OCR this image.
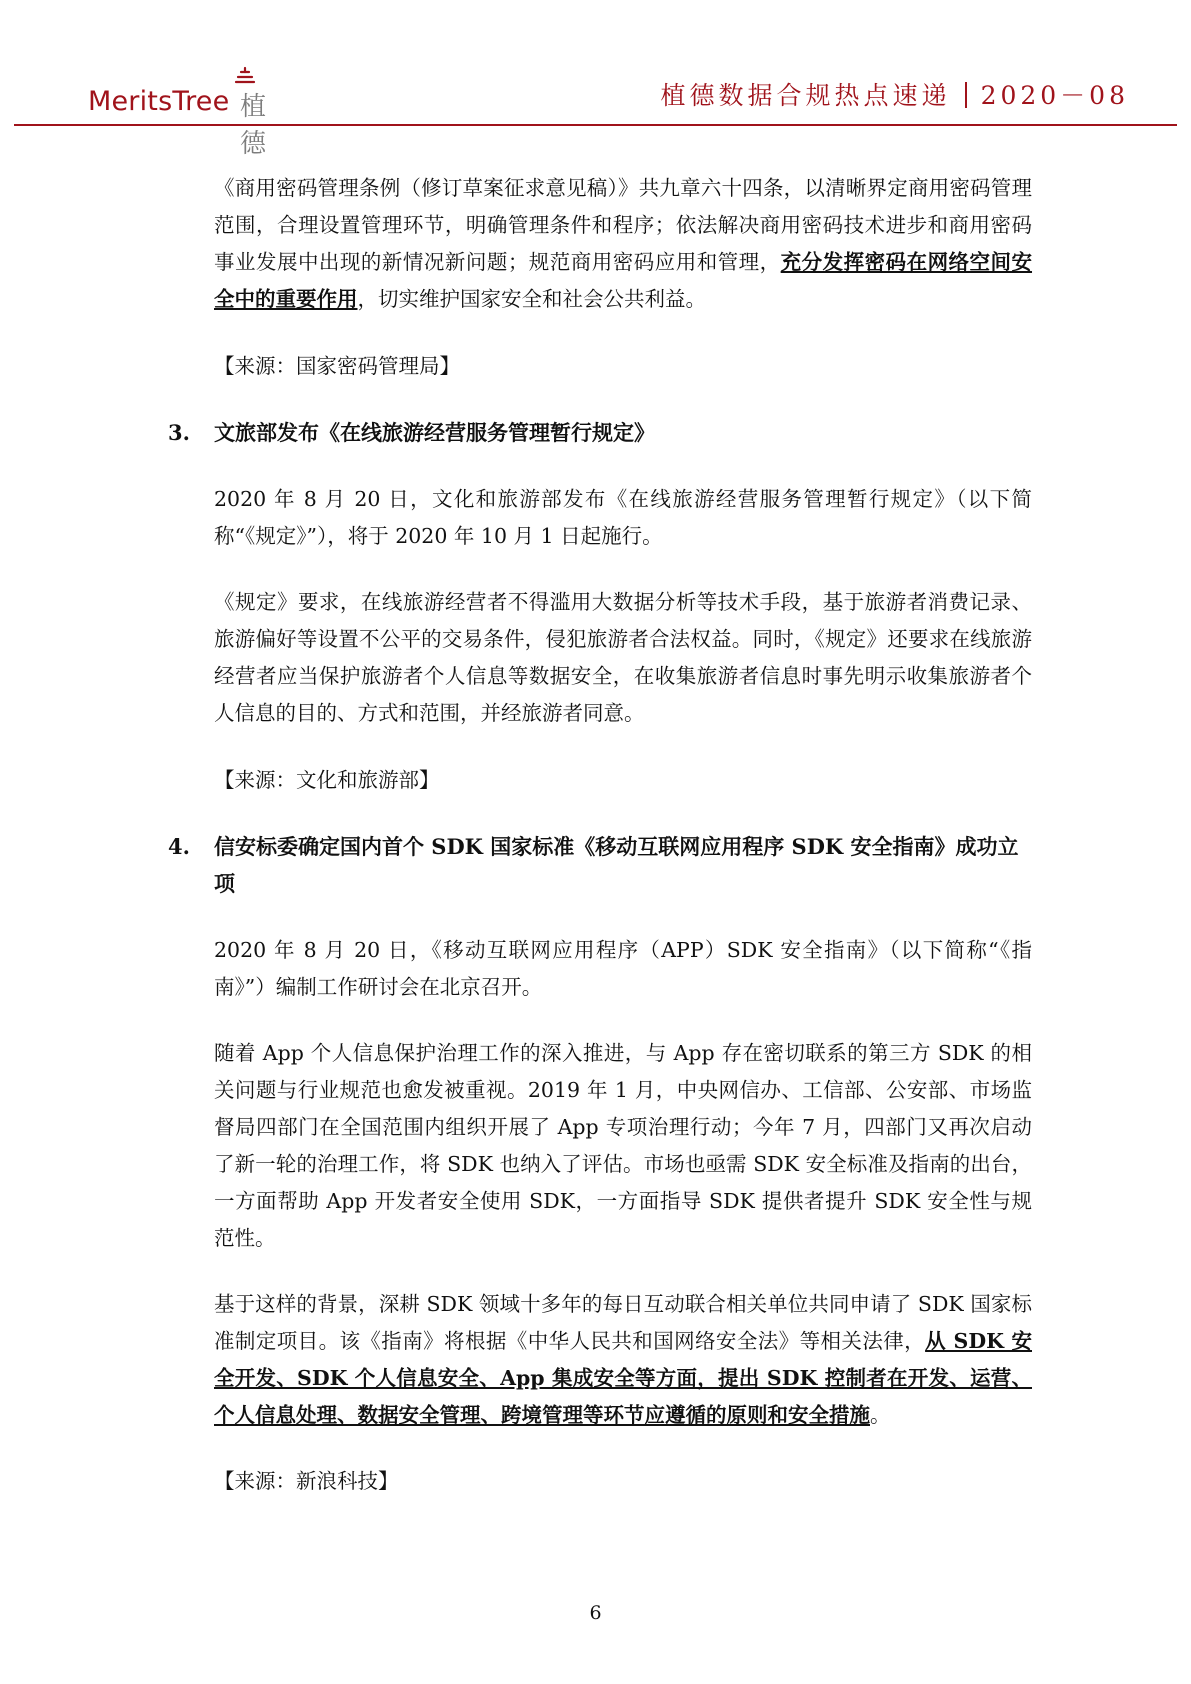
MeritsTree 植德
植德数据合规热点速递 2020－08

《商用密码管理条例（修订草案征求意见稿）》共九章六十四条，以清晰界定商用密码管理范围，合理设置管理环节，明确管理条件和程序；依法解决商用密码技术进步和商用密码事业发展中出现的新情况新问题；规范商用密码应用和管理，充分发挥密码在网络空间安全中的重要作用，切实维护国家安全和社会公共利益。

【来源：国家密码管理局】

3. 文旅部发布《在线旅游经营服务管理暂行规定》

2020 年 8 月 20 日，文化和旅游部发布《在线旅游经营服务管理暂行规定》（以下简称“《规定》”），将于 2020 年 10 月 1 日起施行。

《规定》要求，在线旅游经营者不得滥用大数据分析等技术手段，基于旅游者消费记录、旅游偏好等设置不公平的交易条件，侵犯旅游者合法权益。同时，《规定》还要求在线旅游经营者应当保护旅游者个人信息等数据安全，在收集旅游者信息时事先明示收集旅游者个人信息的目的、方式和范围，并经旅游者同意。

【来源：文化和旅游部】

4. 信安标委确定国内首个 SDK 国家标准《移动互联网应用程序 SDK 安全指南》成功立项

2020 年 8 月 20 日，《移动互联网应用程序（APP）SDK 安全指南》（以下简称“《指南》”）编制工作研讨会在北京召开。

随着 App 个人信息保护治理工作的深入推进，与 App 存在密切联系的第三方 SDK 的相关问题与行业规范也愈发被重视。2019 年 1 月，中央网信办、工信部、公安部、市场监督局四部门在全国范围内组织开展了 App 专项治理行动；今年 7 月，四部门又再次启动了新一轮的治理工作，将 SDK 也纳入了评估。市场也亟需 SDK 安全标准及指南的出台，一方面帮助 App 开发者安全使用 SDK，一方面指导 SDK 提供者提升 SDK 安全性与规范性。

基于这样的背景，深耕 SDK 领域十多年的每日互动联合相关单位共同申请了 SDK 国家标准制定项目。该《指南》将根据《中华人民共和国网络安全法》等相关法律，从 SDK 安全开发、SDK 个人信息安全、App 集成安全等方面，提出 SDK 控制者在开发、运营、个人信息处理、数据安全管理、跨境管理等环节应遵循的原则和安全措施。

【来源：新浪科技】

6
